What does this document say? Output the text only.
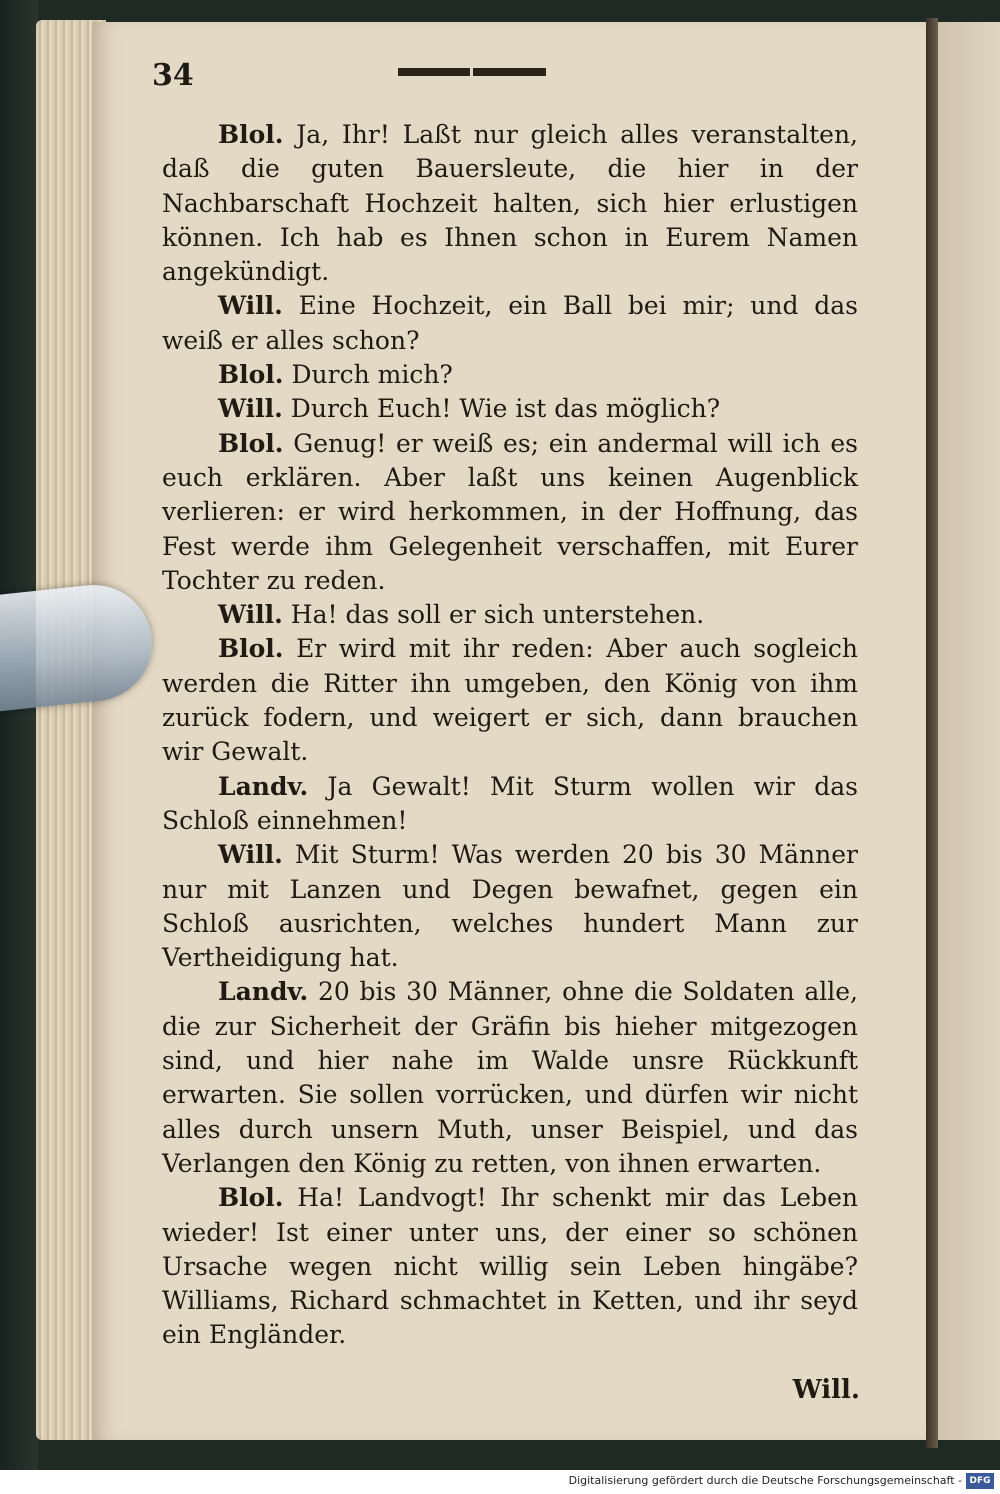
34

Blol. Ja, Ihr! Laßt nur gleich alles veranstalten, daß die guten Bauersleute, die hier in der Nachbarschaft Hochzeit halten, sich hier erlustigen können. Ich hab es Ihnen schon in Eurem Namen angekündigt.

Will. Eine Hochzeit, ein Ball bei mir; und das weiß er alles schon?

Blol. Durch mich?

Will. Durch Euch! Wie ist das möglich?

Blol. Genug! er weiß es; ein andermal will ich es euch erklären. Aber laßt uns keinen Augenblick verlieren: er wird herkommen, in der Hoffnung, das Fest werde ihm Gelegenheit verschaffen, mit Eurer Tochter zu reden.

Will. Ha! das soll er sich unterstehen.

Blol. Er wird mit ihr reden: Aber auch sogleich werden die Ritter ihn umgeben, den König von ihm zurück fodern, und weigert er sich, dann brauchen wir Gewalt.

Landv. Ja Gewalt! Mit Sturm wollen wir das Schloß einnehmen!

Will. Mit Sturm! Was werden 20 bis 30 Männer nur mit Lanzen und Degen bewafnet, gegen ein Schloß ausrichten, welches hundert Mann zur Vertheidigung hat.

Landv. 20 bis 30 Männer, ohne die Soldaten alle, die zur Sicherheit der Gräfin bis hieher mitgezogen sind, und hier nahe im Walde unsre Rückkunft erwarten. Sie sollen vorrücken, und dürfen wir nicht alles durch unsern Muth, unser Beispiel, und das Verlangen den König zu retten, von ihnen erwarten.

Blol. Ha! Landvogt! Ihr schenkt mir das Leben wieder! Ist einer unter uns, der einer so schönen Ursache wegen nicht willig sein Leben hingäbe? Williams, Richard schmachtet in Ketten, und ihr seyd ein Engländer.

Will.
Digitalisierung gefördert durch die Deutsche Forschungsgemeinschaft - DFG
